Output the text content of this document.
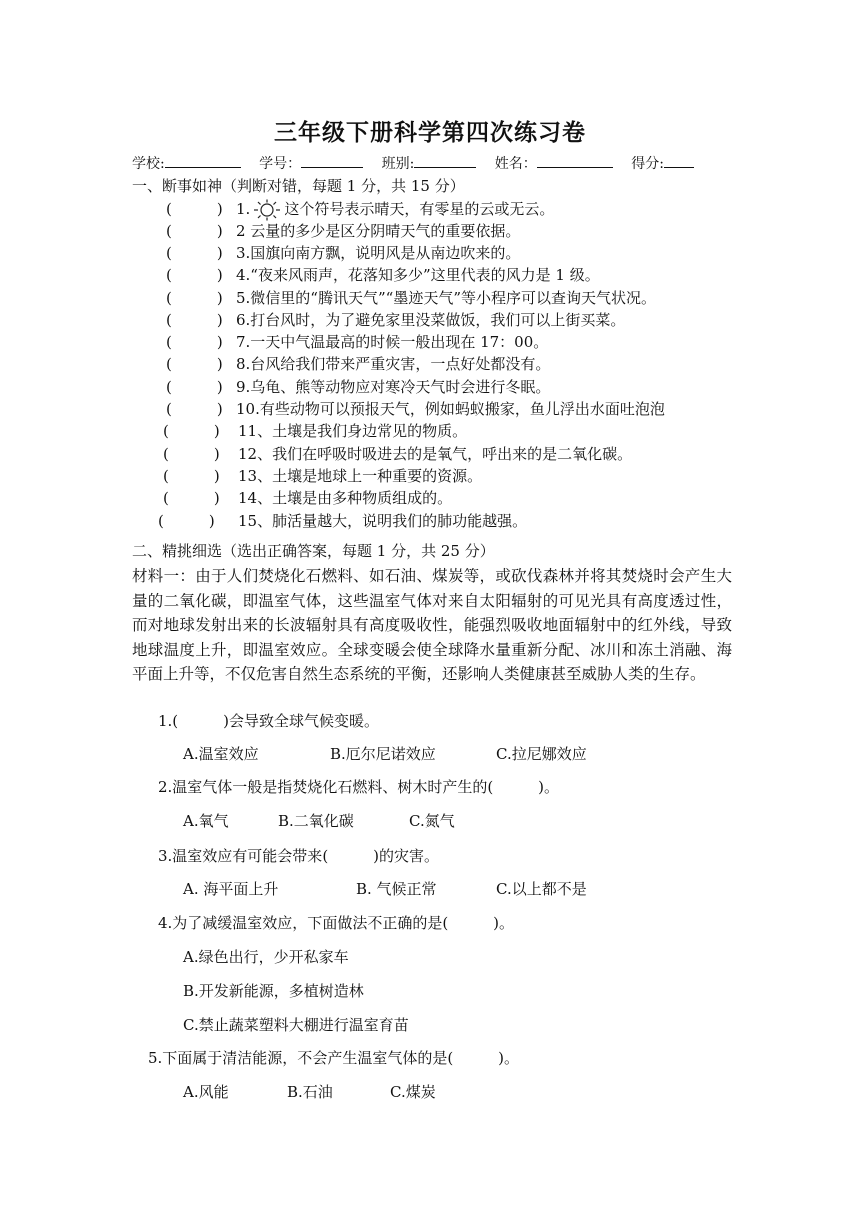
三年级下册科学第四次练习卷
学校:	学号：	班别:	姓名：	得分:
一、断事如神（判断对错，每题 1 分，共 15 分）
(　　　) 1. 这个符号表示晴天，有零星的云或无云。
(　　　) 2 云量的多少是区分阴晴天气的重要依据。
(　　　) 3.国旗向南方飘，说明风是从南边吹来的。
(　　　) 4.“夜来风雨声，花落知多少”这里代表的风力是 1 级。
(　　　) 5.微信里的“腾讯天气”“墨迹天气”等小程序可以查询天气状况。
(　　　) 6.打台风时，为了避免家里没菜做饭，我们可以上街买菜。
(　　　) 7.一天中气温最高的时候一般出现在 17：00。
(　　　) 8.台风给我们带来严重灾害，一点好处都没有。
(　　　) 9.乌龟、熊等动物应对寒冷天气时会进行冬眠。
(　　　) 10.有些动物可以预报天气，例如蚂蚁搬家，鱼儿浮出水面吐泡泡
(　　　) 11、土壤是我们身边常见的物质。
(　　　) 12、我们在呼吸时吸进去的是氧气，呼出来的是二氧化碳。
(　　　) 13、土壤是地球上一种重要的资源。
(　　　) 14、土壤是由多种物质组成的。
(　　　) 15、肺活量越大，说明我们的肺功能越强。
二、精挑细选（选出正确答案，每题 1 分，共 25 分）
材料一：由于人们焚烧化石燃料、如石油、煤炭等，或砍伐森林并将其焚烧时会产生大量的二氧化碳，即温室气体，这些温室气体对来自太阳辐射的可见光具有高度透过性，而对地球发射出来的长波辐射具有高度吸收性，能强烈吸收地面辐射中的红外线，导致地球温度上升，即温室效应。全球变暖会使全球降水量重新分配、冰川和冻土消融、海平面上升等，不仅危害自然生态系统的平衡，还影响人类健康甚至威胁人类的生存。
1.(　　　)会导致全球气候变暖。
A.温室效应	B.厄尔尼诺效应	C.拉尼娜效应
2.温室气体一般是指焚烧化石燃料、树木时产生的(　　　)。
A.氧气	B.二氧化碳	C.氮气
3.温室效应有可能会带来(　　　)的灾害。
A. 海平面上升	B. 气候正常	C.以上都不是
4.为了减缓温室效应，下面做法不正确的是(　　　)。
A.绿色出行，少开私家车
B.开发新能源，多植树造林
C.禁止蔬菜塑料大棚进行温室育苗
5.下面属于清洁能源，不会产生温室气体的是(　　　)。
A.风能	B.石油	C.煤炭
